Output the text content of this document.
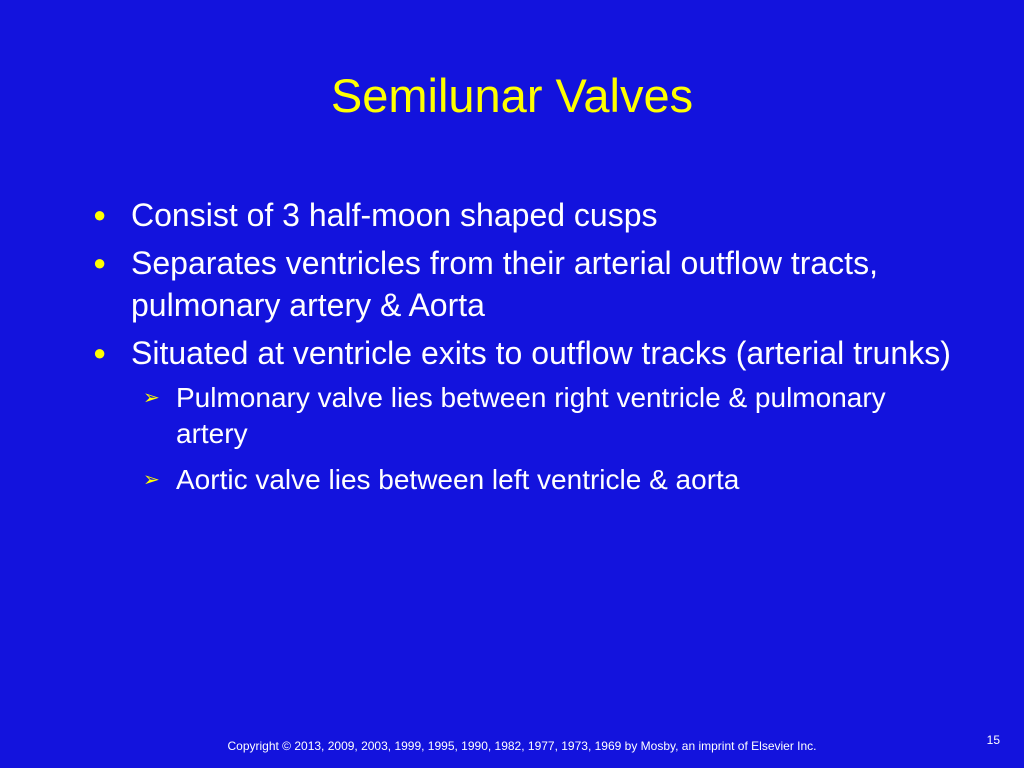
Semilunar Valves
● Consist of 3 half-moon shaped cusps
● Separates ventricles from their arterial outflow tracts, pulmonary artery & Aorta
● Situated at ventricle exits to outflow tracks (arterial trunks)
➢ Pulmonary valve lies between right ventricle & pulmonary artery
➢ Aortic valve lies between left ventricle & aorta
Copyright © 2013, 2009, 2003, 1999, 1995, 1990, 1982, 1977, 1973, 1969 by Mosby, an imprint of Elsevier Inc.	15
